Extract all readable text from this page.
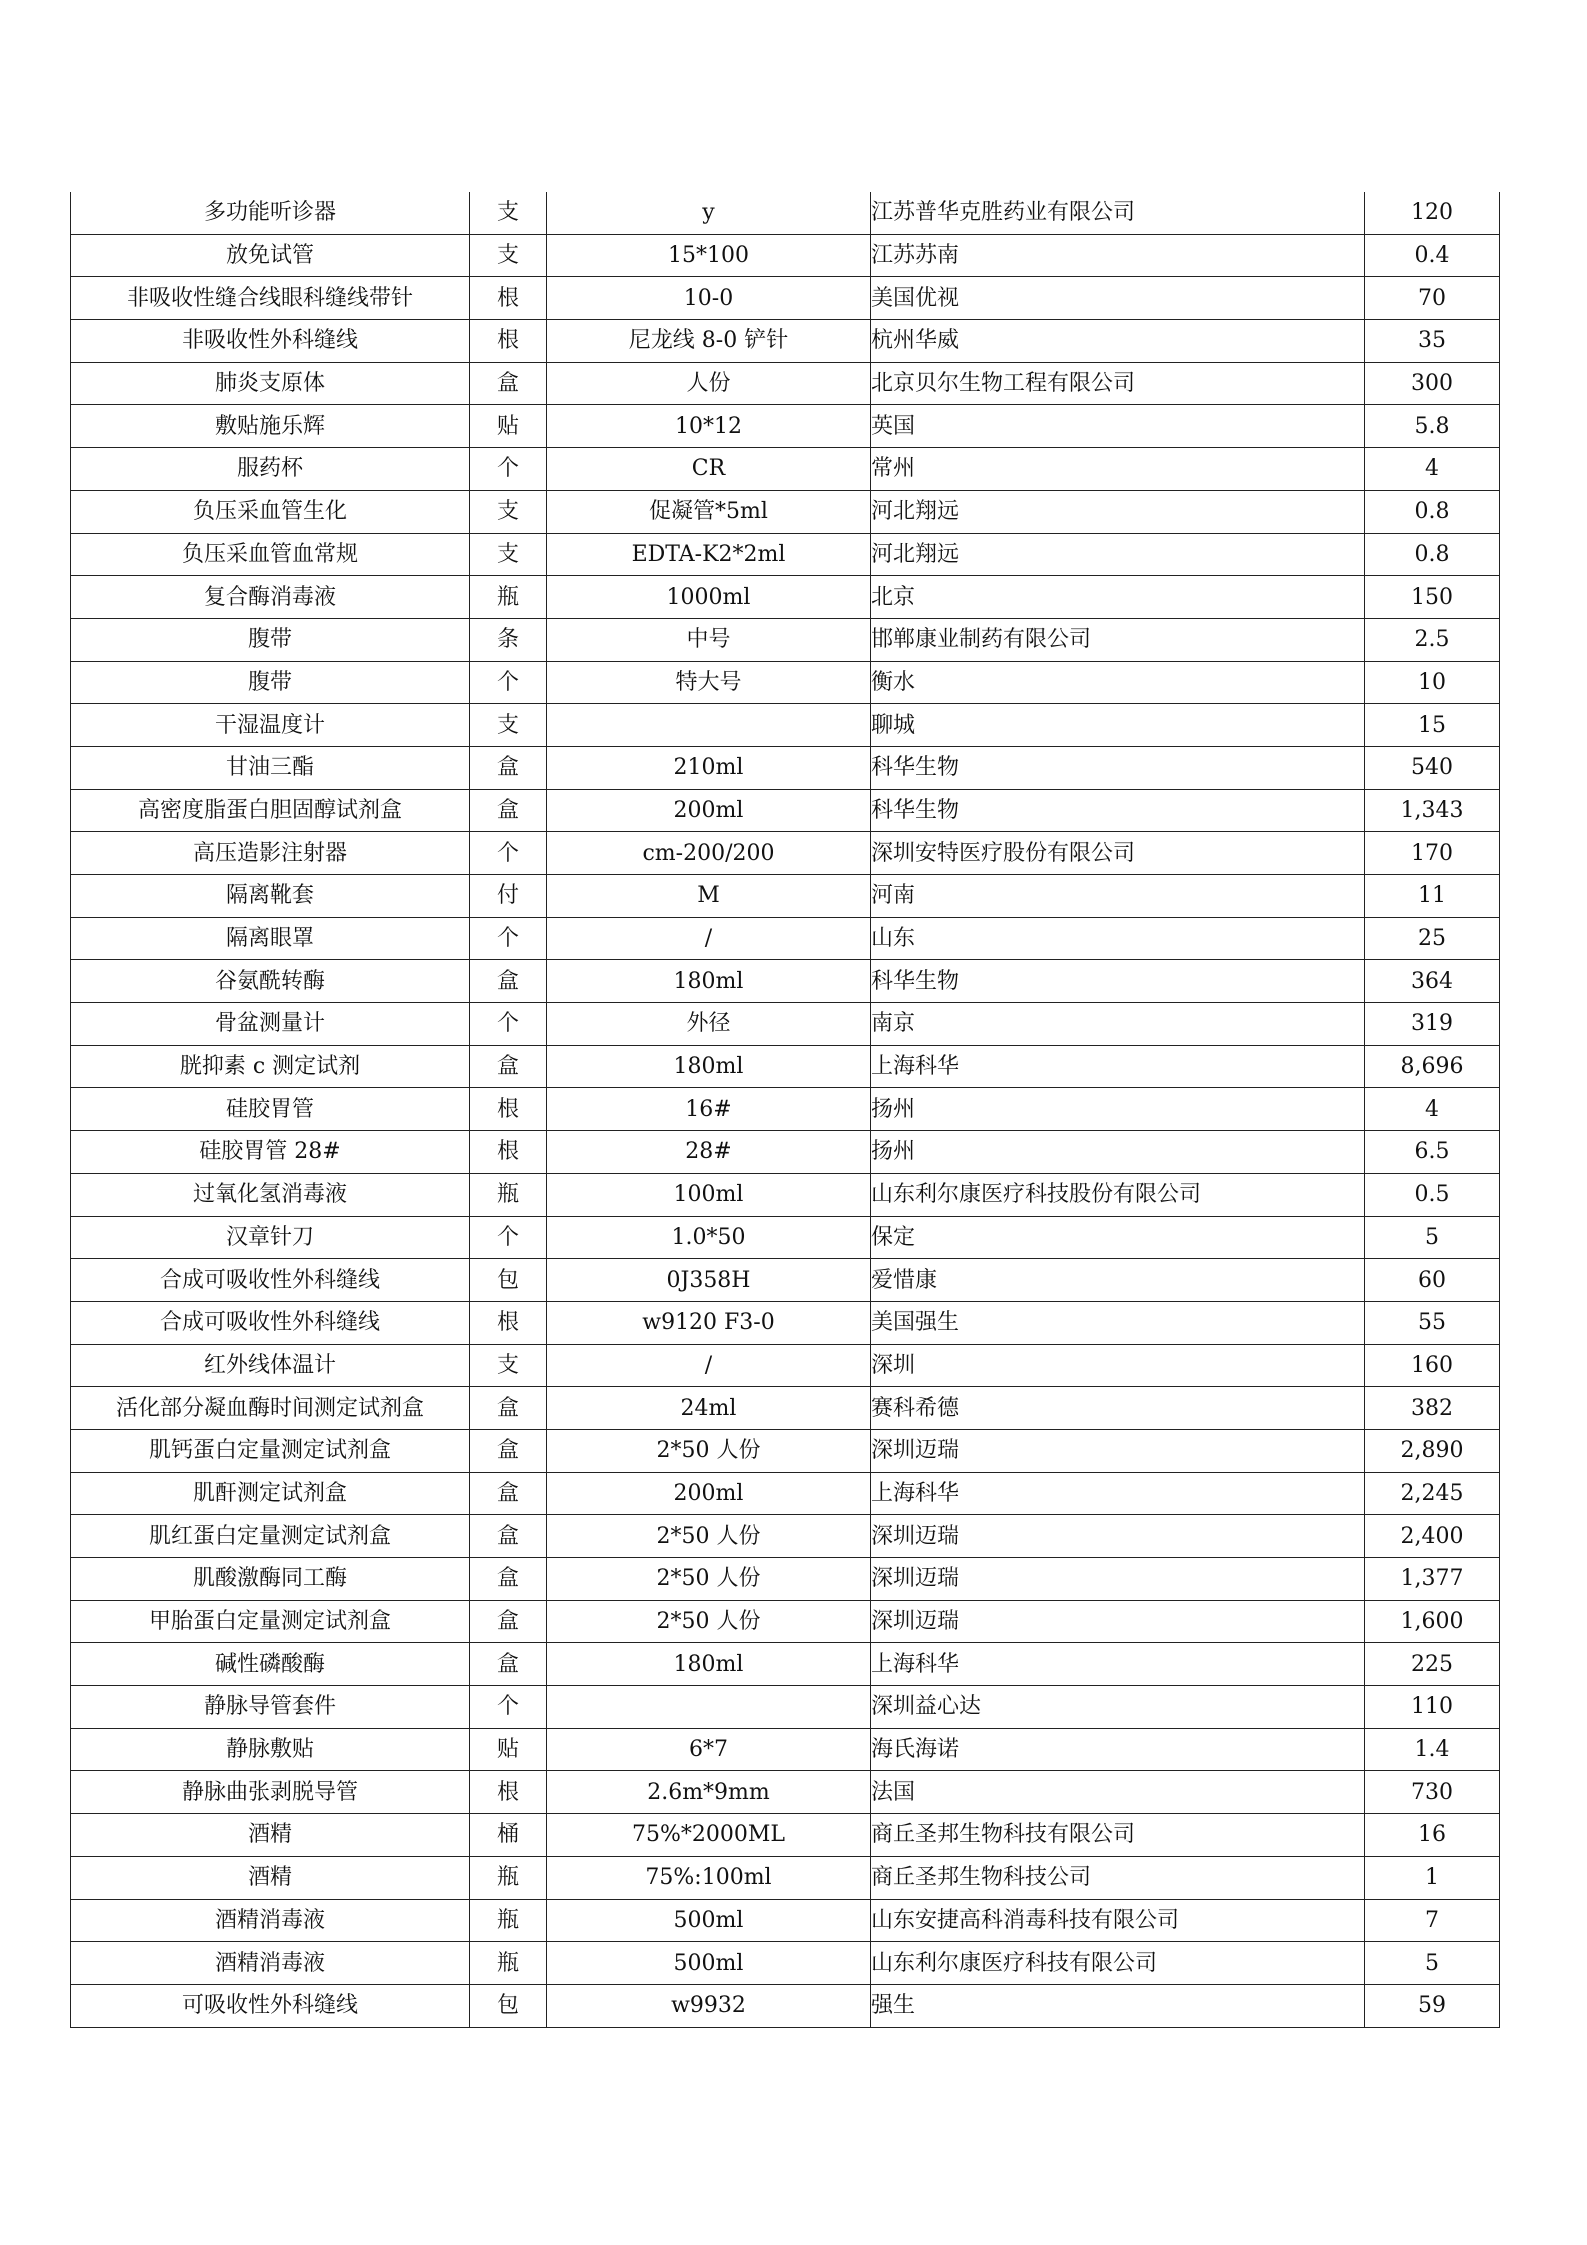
多功能听诊器	支	y	江苏普华克胜药业有限公司	120
放免试管	支	15*100	江苏苏南	0.4
非吸收性缝合线眼科缝线带针	根	10-0	美国优视	70
非吸收性外科缝线	根	尼龙线 8-0 铲针	杭州华威	35
肺炎支原体	盒	人份	北京贝尔生物工程有限公司	300
敷贴施乐辉	贴	10*12	英国	5.8
服药杯	个	CR	常州	4
负压采血管生化	支	促凝管*5ml	河北翔远	0.8
负压采血管血常规	支	EDTA-K2*2ml	河北翔远	0.8
复合酶消毒液	瓶	1000ml	北京	150
腹带	条	中号	邯郸康业制药有限公司	2.5
腹带	个	特大号	衡水	10
干湿温度计	支		聊城	15
甘油三酯	盒	210ml	科华生物	540
高密度脂蛋白胆固醇试剂盒	盒	200ml	科华生物	1,343
高压造影注射器	个	cm-200/200	深圳安特医疗股份有限公司	170
隔离靴套	付	M	河南	11
隔离眼罩	个	/	山东	25
谷氨酰转酶	盒	180ml	科华生物	364
骨盆测量计	个	外径	南京	319
胱抑素 c 测定试剂	盒	180ml	上海科华	8,696
硅胶胃管	根	16#	扬州	4
硅胶胃管 28#	根	28#	扬州	6.5
过氧化氢消毒液	瓶	100ml	山东利尔康医疗科技股份有限公司	0.5
汉章针刀	个	1.0*50	保定	5
合成可吸收性外科缝线	包	0J358H	爱惜康	60
合成可吸收性外科缝线	根	w9120 F3-0	美国强生	55
红外线体温计	支	/	深圳	160
活化部分凝血酶时间测定试剂盒	盒	24ml	赛科希德	382
肌钙蛋白定量测定试剂盒	盒	2*50 人份	深圳迈瑞	2,890
肌酐测定试剂盒	盒	200ml	上海科华	2,245
肌红蛋白定量测定试剂盒	盒	2*50 人份	深圳迈瑞	2,400
肌酸激酶同工酶	盒	2*50 人份	深圳迈瑞	1,377
甲胎蛋白定量测定试剂盒	盒	2*50 人份	深圳迈瑞	1,600
碱性磷酸酶	盒	180ml	上海科华	225
静脉导管套件	个		深圳益心达	110
静脉敷贴	贴	6*7	海氏海诺	1.4
静脉曲张剥脱导管	根	2.6m*9mm	法国	730
酒精	桶	75%*2000ML	商丘圣邦生物科技有限公司	16
酒精	瓶	75%:100ml	商丘圣邦生物科技公司	1
酒精消毒液	瓶	500ml	山东安捷高科消毒科技有限公司	7
酒精消毒液	瓶	500ml	山东利尔康医疗科技有限公司	5
可吸收性外科缝线	包	w9932	强生	59
